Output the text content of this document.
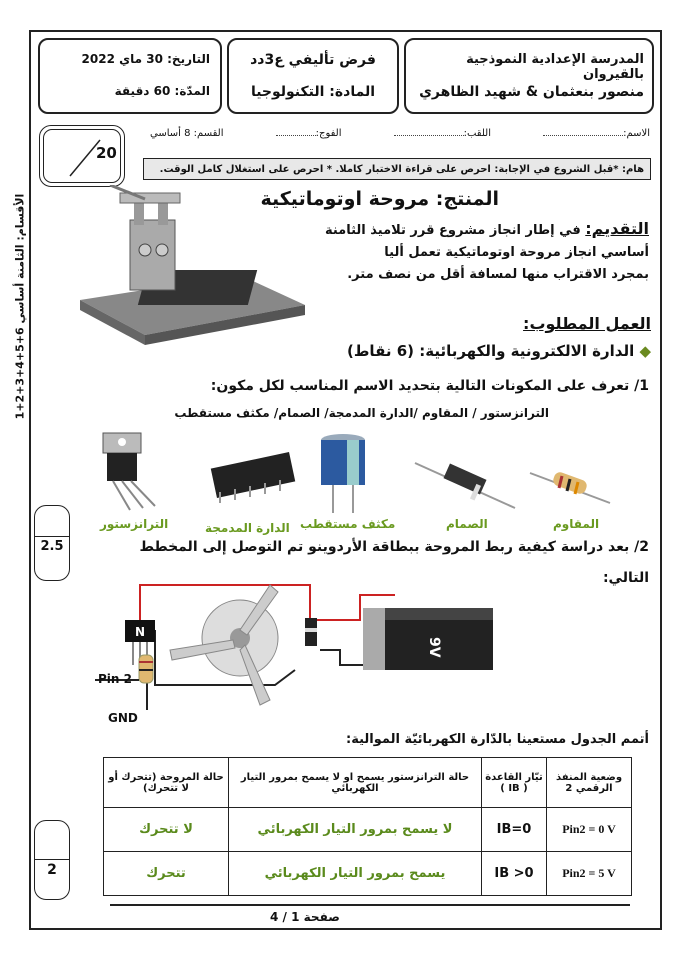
الأقسام: الثامنة أساسي 6+5+4+3+2+1
المدرسة الإعدادية النموذجية بالقيروان
منصور بنعثمان & شهيد الظاهري
فرض تأليفي ع3دد
المادة: التكنولوجيا
التاريخ: 30 ماي 2022
المدّة: 60 دقيقة
الاسم:
اللقب:
الفوج:
القسم: 8 أساسي
20
هام: *قبل الشروع في الإجابة: احرص على قراءة الاختبار كاملا. * احرص على استغلال كامل الوقت.
المنتج: مروحة اوتوماتيكية
التقديم: في إطار انجاز مشروع قرر تلاميذ الثامنة
أساسي انجاز مروحة اوتوماتيكية تعمل أليا
بمجرد الاقتراب منها لمسافة أقل من نصف متر.
العمل المطلوب:
◆ الدارة الالكترونية والكهربائية: (6 نقاط)
1/ تعرف على المكونات التالية بتحديد الاسم المناسب لكل مكون:
الترانزستور / المقاوم /الدارة المدمجة/ الصمام/ مكثف مستقطب
الترانزستور	الدارة المدمجة مكثف مستقطب	الصمام	المقاوم
2.5	2/ بعد دراسة كيفية ربط المروحة ببطاقة الأردوينو تم التوصل إلى المخطط
التالي:
N
9V
Pin 2
GND
أتمم الجدول مستعينا بالدّارة الكهربائيّة الموالية:
وضعية المنفذ الرقمي 2	تيّار القاعدة ( IB )	حالة الترانزستور يسمح او لا يسمح بمرور التيار الكهربائي	حالة المروحة (تتحرك أو لا تتحرك)
Pin2 = 0 V	IB=0	لا يسمح بمرور التيار الكهربائي	لا تتحرك
Pin2 = 5 V	IB >0	يسمح بمرور التيار الكهربائي	تتحرك
2
صفحة 1 / 4
